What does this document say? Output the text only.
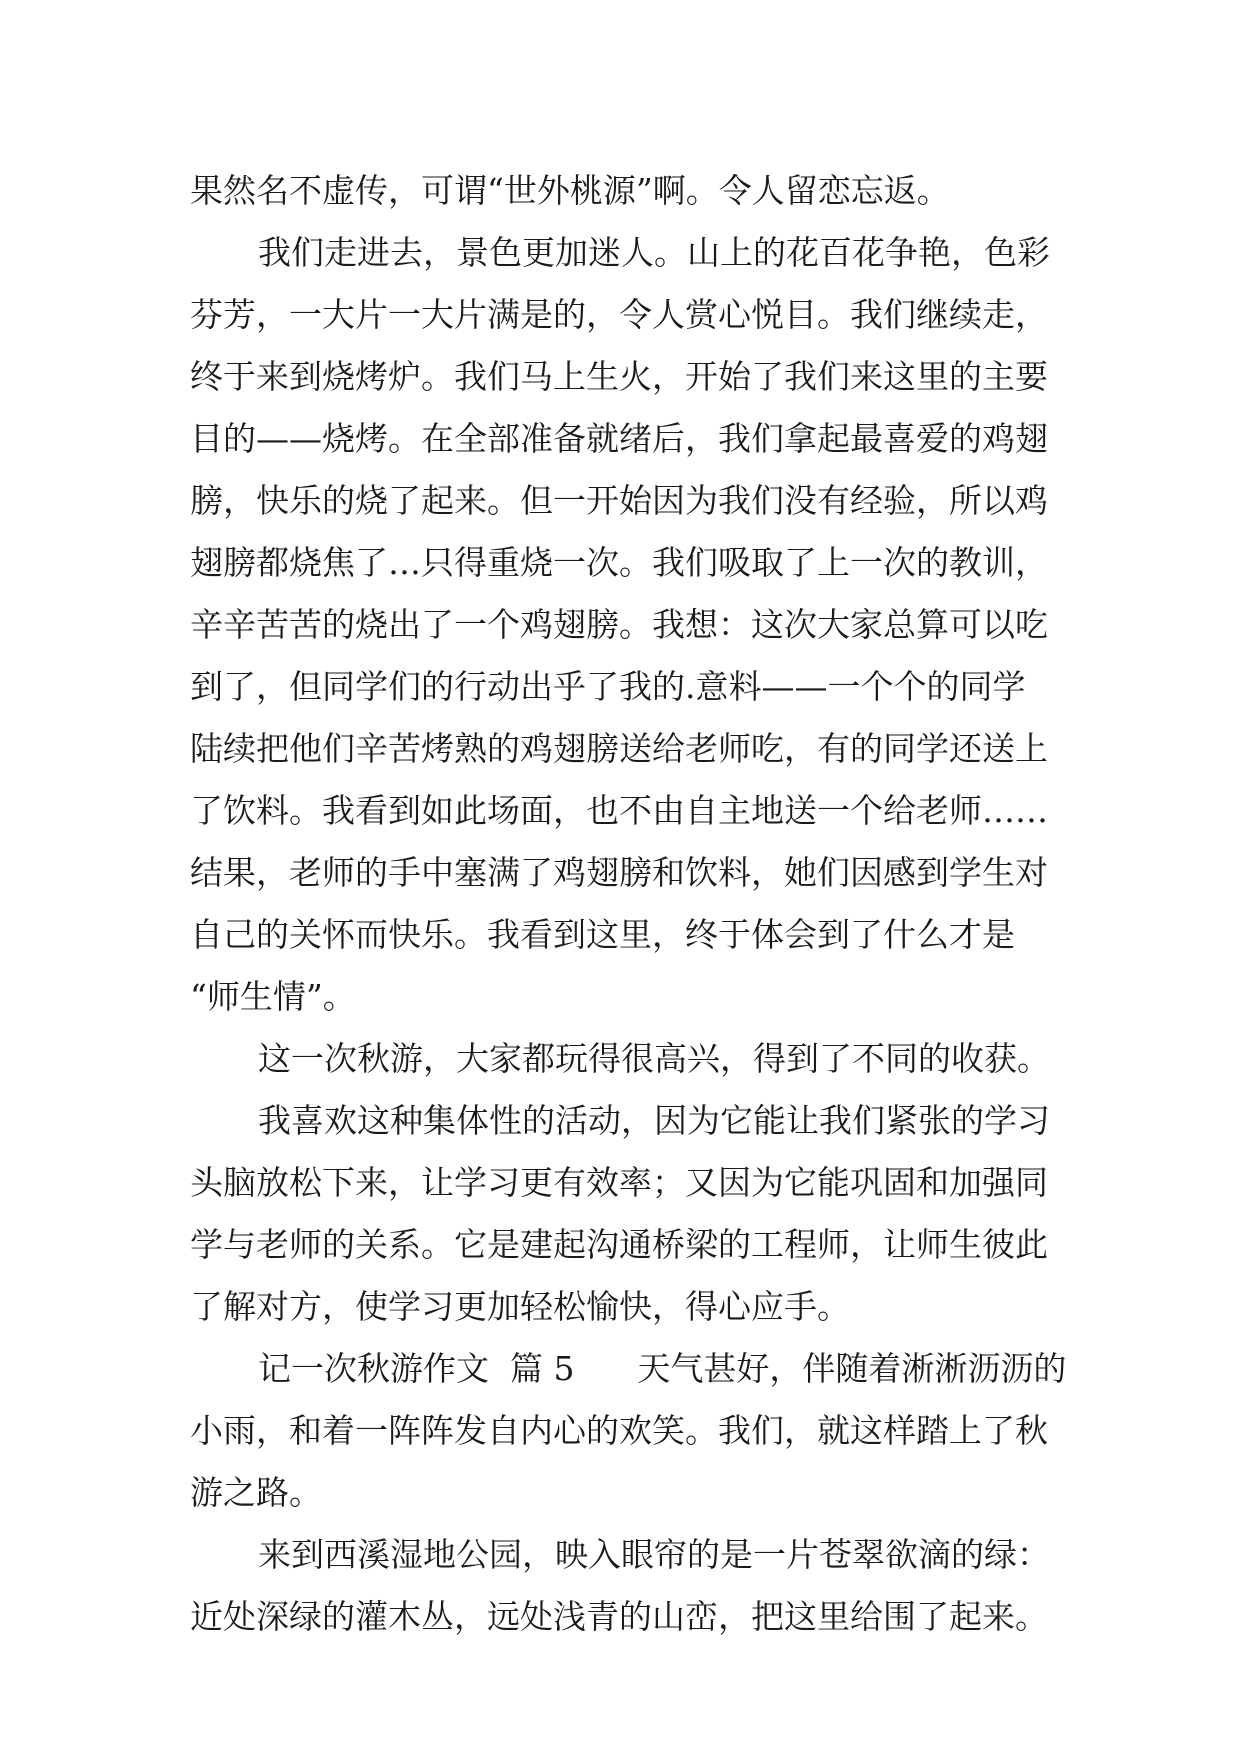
果然名不虚传，可谓“世外桃源”啊。令人留恋忘返。
我们走进去，景色更加迷人。山上的花百花争艳，色彩
芬芳，一大片一大片满是的，令人赏心悦目。我们继续走，
终于来到烧烤炉。我们马上生火，开始了我们来这里的主要
目的——烧烤。在全部准备就绪后，我们拿起最喜爱的鸡翅
膀，快乐的烧了起来。但一开始因为我们没有经验，所以鸡
翅膀都烧焦了…只得重烧一次。我们吸取了上一次的教训，
辛辛苦苦的烧出了一个鸡翅膀。我想：这次大家总算可以吃
到了，但同学们的行动出乎了我的.意料——一个个的同学
陆续把他们辛苦烤熟的鸡翅膀送给老师吃，有的同学还送上
了饮料。我看到如此场面，也不由自主地送一个给老师……
结果，老师的手中塞满了鸡翅膀和饮料，她们因感到学生对
自己的关怀而快乐。我看到这里，终于体会到了什么才是
“师生情”。
这一次秋游，大家都玩得很高兴，得到了不同的收获。
我喜欢这种集体性的活动，因为它能让我们紧张的学习
头脑放松下来，让学习更有效率；又因为它能巩固和加强同
学与老师的关系。它是建起沟通桥梁的工程师，让师生彼此
了解对方，使学习更加轻松愉快，得心应手。
记一次秋游作文  篇 5      天气甚好，伴随着淅淅沥沥的
小雨，和着一阵阵发自内心的欢笑。我们，就这样踏上了秋
游之路。
来到西溪湿地公园，映入眼帘的是一片苍翠欲滴的绿：
近处深绿的灌木丛，远处浅青的山峦，把这里给围了起来。
